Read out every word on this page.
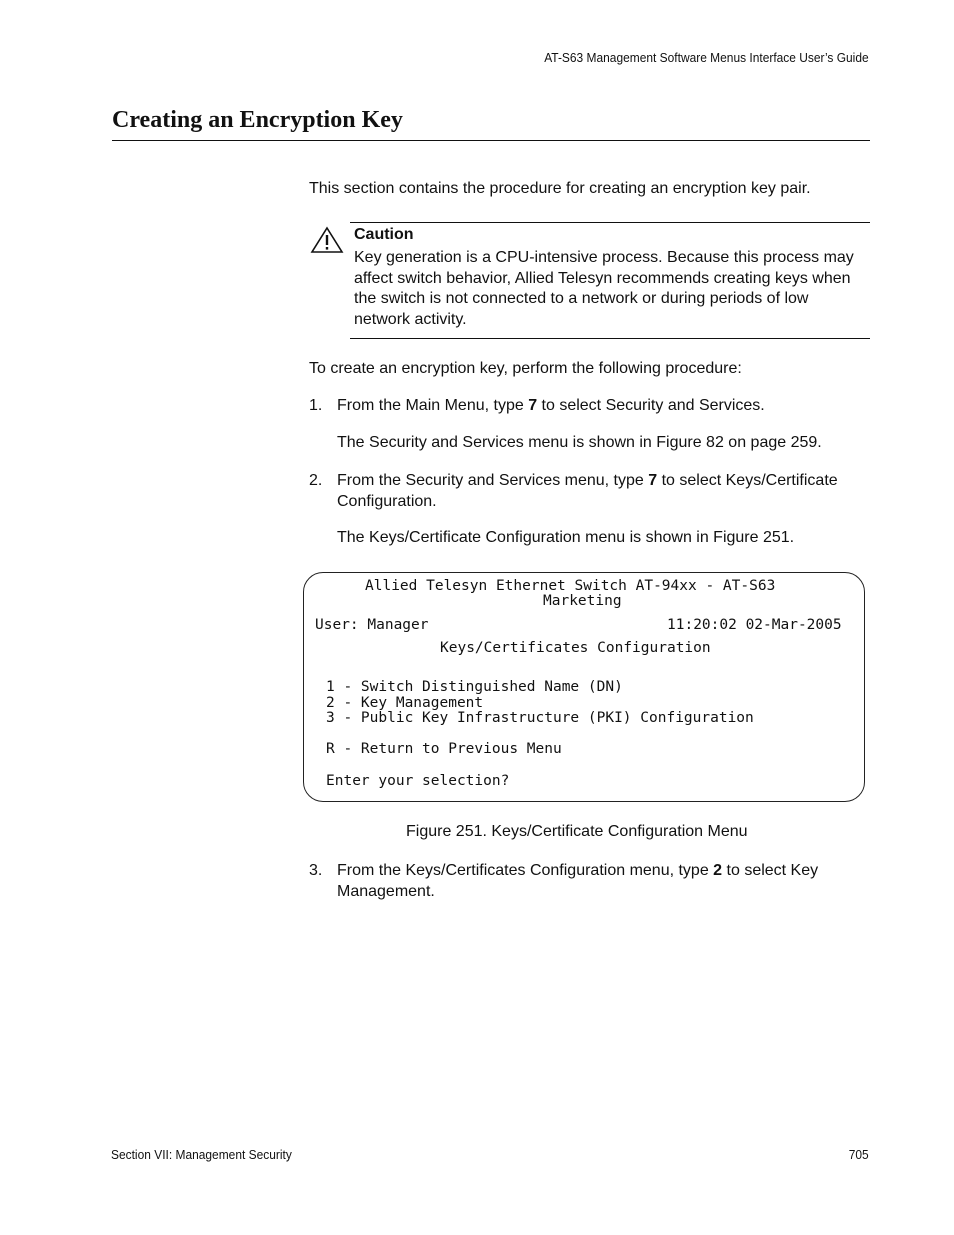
AT-S63 Management Software Menus Interface User’s Guide
Creating an Encryption Key
This section contains the procedure for creating an encryption key pair.
Caution
Key generation is a CPU-intensive process. Because this process may affect switch behavior, Allied Telesyn recommends creating keys when the switch is not connected to a network or during periods of low network activity.
To create an encryption key, perform the following procedure:
1. From the Main Menu, type 7 to select Security and Services.
The Security and Services menu is shown in Figure 82 on page 259.
2. From the Security and Services menu, type 7 to select Keys/Certificate Configuration.
The Keys/Certificate Configuration menu is shown in Figure 251.
Allied Telesyn Ethernet Switch AT-94xx - AT-S63
Marketing
User: Manager	11:20:02 02-Mar-2005
Keys/Certificates Configuration
1 - Switch Distinguished Name (DN)
2 - Key Management
3 - Public Key Infrastructure (PKI) Configuration
R - Return to Previous Menu
Enter your selection?
Figure 251. Keys/Certificate Configuration Menu
3. From the Keys/Certificates Configuration menu, type 2 to select Key Management.
Section VII: Management Security	705
